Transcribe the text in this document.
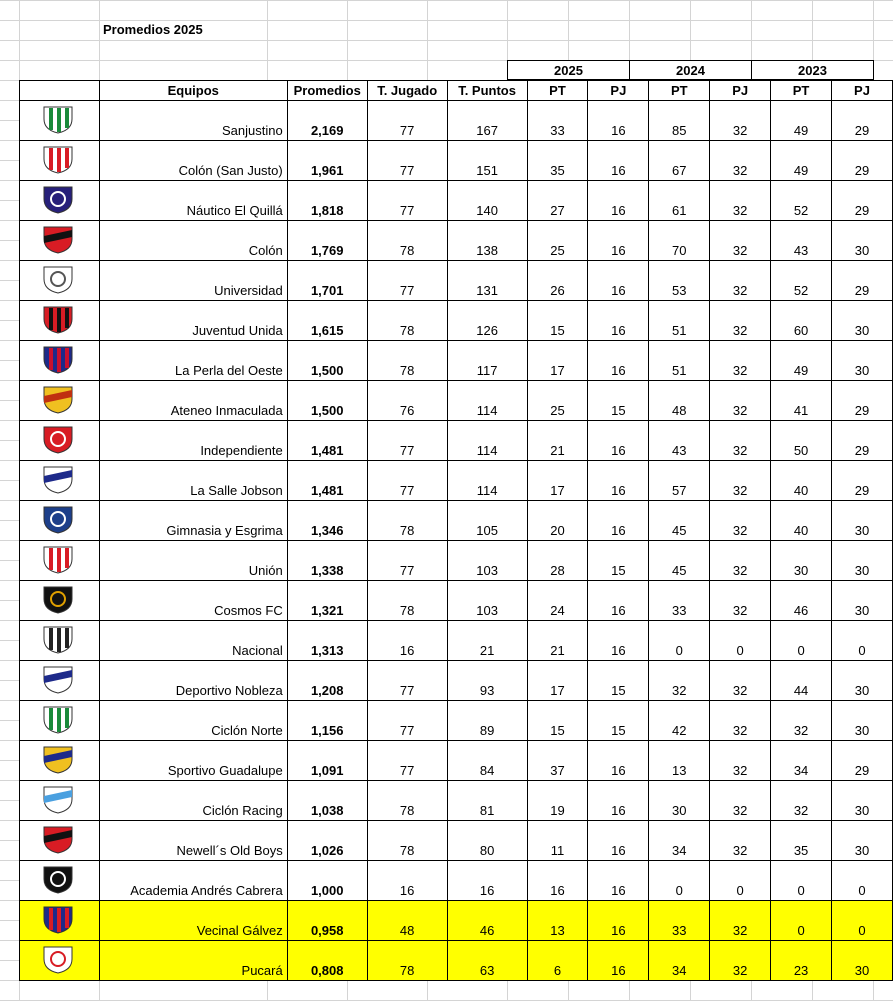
Promedios 2025
2025	2024	2023
	Equipos	Promedios	T. Jugado	T. Puntos	PT	PJ	PT	PJ	PT	PJ

	Sanjustino	2,169	77	167	33	16	85	32	49	29

	Colón (San Justo)	1,961	77	151	35	16	67	32	49	29

	Náutico El Quillá	1,818	77	140	27	16	61	32	52	29

	Colón	1,769	78	138	25	16	70	32	43	30

	Universidad	1,701	77	131	26	16	53	32	52	29

	Juventud Unida	1,615	78	126	15	16	51	32	60	30

	La Perla del Oeste	1,500	78	117	17	16	51	32	49	30

	Ateneo Inmaculada	1,500	76	114	25	15	48	32	41	29

	Independiente	1,481	77	114	21	16	43	32	50	29

	La Salle Jobson	1,481	77	114	17	16	57	32	40	29

	Gimnasia y Esgrima	1,346	78	105	20	16	45	32	40	30

	Unión	1,338	77	103	28	15	45	32	30	30

	Cosmos FC	1,321	78	103	24	16	33	32	46	30

	Nacional	1,313	16	21	21	16	0	0	0	0

	Deportivo Nobleza	1,208	77	93	17	15	32	32	44	30

	Ciclón Norte	1,156	77	89	15	15	42	32	32	30

	Sportivo Guadalupe	1,091	77	84	37	16	13	32	34	29

	Ciclón Racing	1,038	78	81	19	16	30	32	32	30

	Newell´s Old Boys	1,026	78	80	11	16	34	32	35	30

	Academia Andrés Cabrera	1,000	16	16	16	16	0	0	0	0

	Vecinal Gálvez	0,958	48	46	13	16	33	32	0	0

	Pucará	0,808	78	63	6	16	34	32	23	30
